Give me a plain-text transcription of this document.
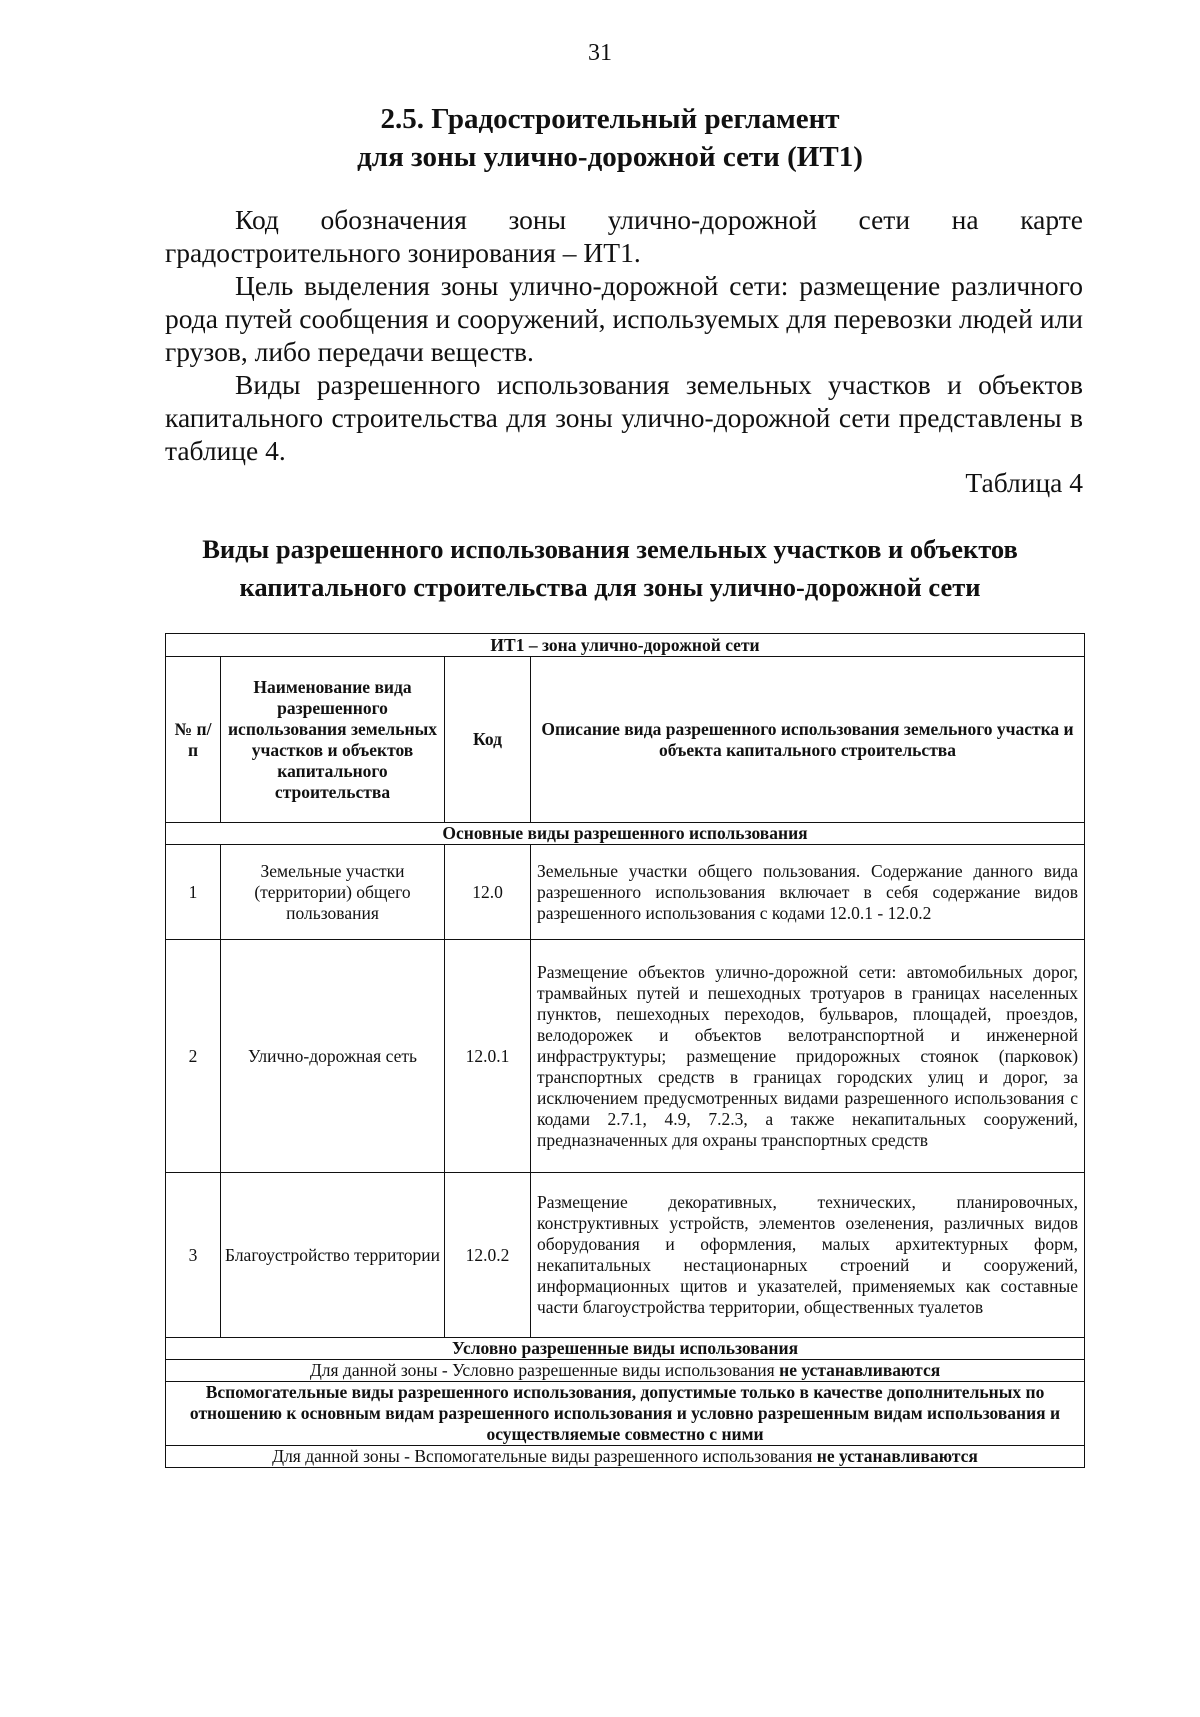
31
2.5. Градостроительный регламент
для зоны улично-дорожной сети (ИТ1)

Код обозначения зоны улично-дорожной сети на карте градостроительного зонирования – ИТ1.

Цель выделения зоны улично-дорожной сети: размещение различного рода путей сообщения и сооружений, используемых для перевозки людей или грузов, либо передачи веществ.

Виды разрешенного использования земельных участков и объектов капитального строительства для зоны улично-дорожной сети представлены в таблице 4.

Таблица 4
Виды разрешенного использования земельных участков и объектов
капитального строительства для зоны улично-дорожной сети
ИТ1 – зона улично-дорожной сети			
№ п/п	Наименование вида разрешенного использования земельных участков и объектов капитального строительства	Код	Описание вида разрешенного использования земельного участка и объекта капитального строительства
Основные виды разрешенного использования			
1	Земельные участки (территории) общего пользования	12.0	Земельные участки общего пользования. Содержание данного вида разрешенного использования включает в себя содержание видов разрешенного использования с кодами 12.0.1 - 12.0.2
2	Улично-дорожная сеть	12.0.1	Размещение объектов улично-дорожной сети: автомобильных дорог, трамвайных путей и пешеходных тротуаров в границах населенных пунктов, пешеходных переходов, бульваров, площадей, проездов, велодорожек и объектов велотранспортной и инженерной инфраструктуры; размещение придорожных стоянок (парковок) транспортных средств в границах городских улиц и дорог, за исключением предусмотренных видами разрешенного использования с кодами 2.7.1, 4.9, 7.2.3, а также некапитальных сооружений, предназначенных для охраны транспортных средств
3	Благоустройство территории	12.0.2	Размещение декоративных, технических, планировочных, конструктивных устройств, элементов озеленения, различных видов оборудования и оформления, малых архитектурных форм, некапитальных нестационарных строений и сооружений, информационных щитов и указателей, применяемых как составные части благоустройства территории, общественных туалетов
Условно разрешенные виды использования			
Для данной зоны - Условно разрешенные виды использования не устанавливаются			
Вспомогательные виды разрешенного использования, допустимые только в качестве дополнительных по отношению к основным видам разрешенного использования и условно разрешенным видам использования и осуществляемые совместно с ними			
Для данной зоны - Вспомогательные виды разрешенного использования не устанавливаются			
